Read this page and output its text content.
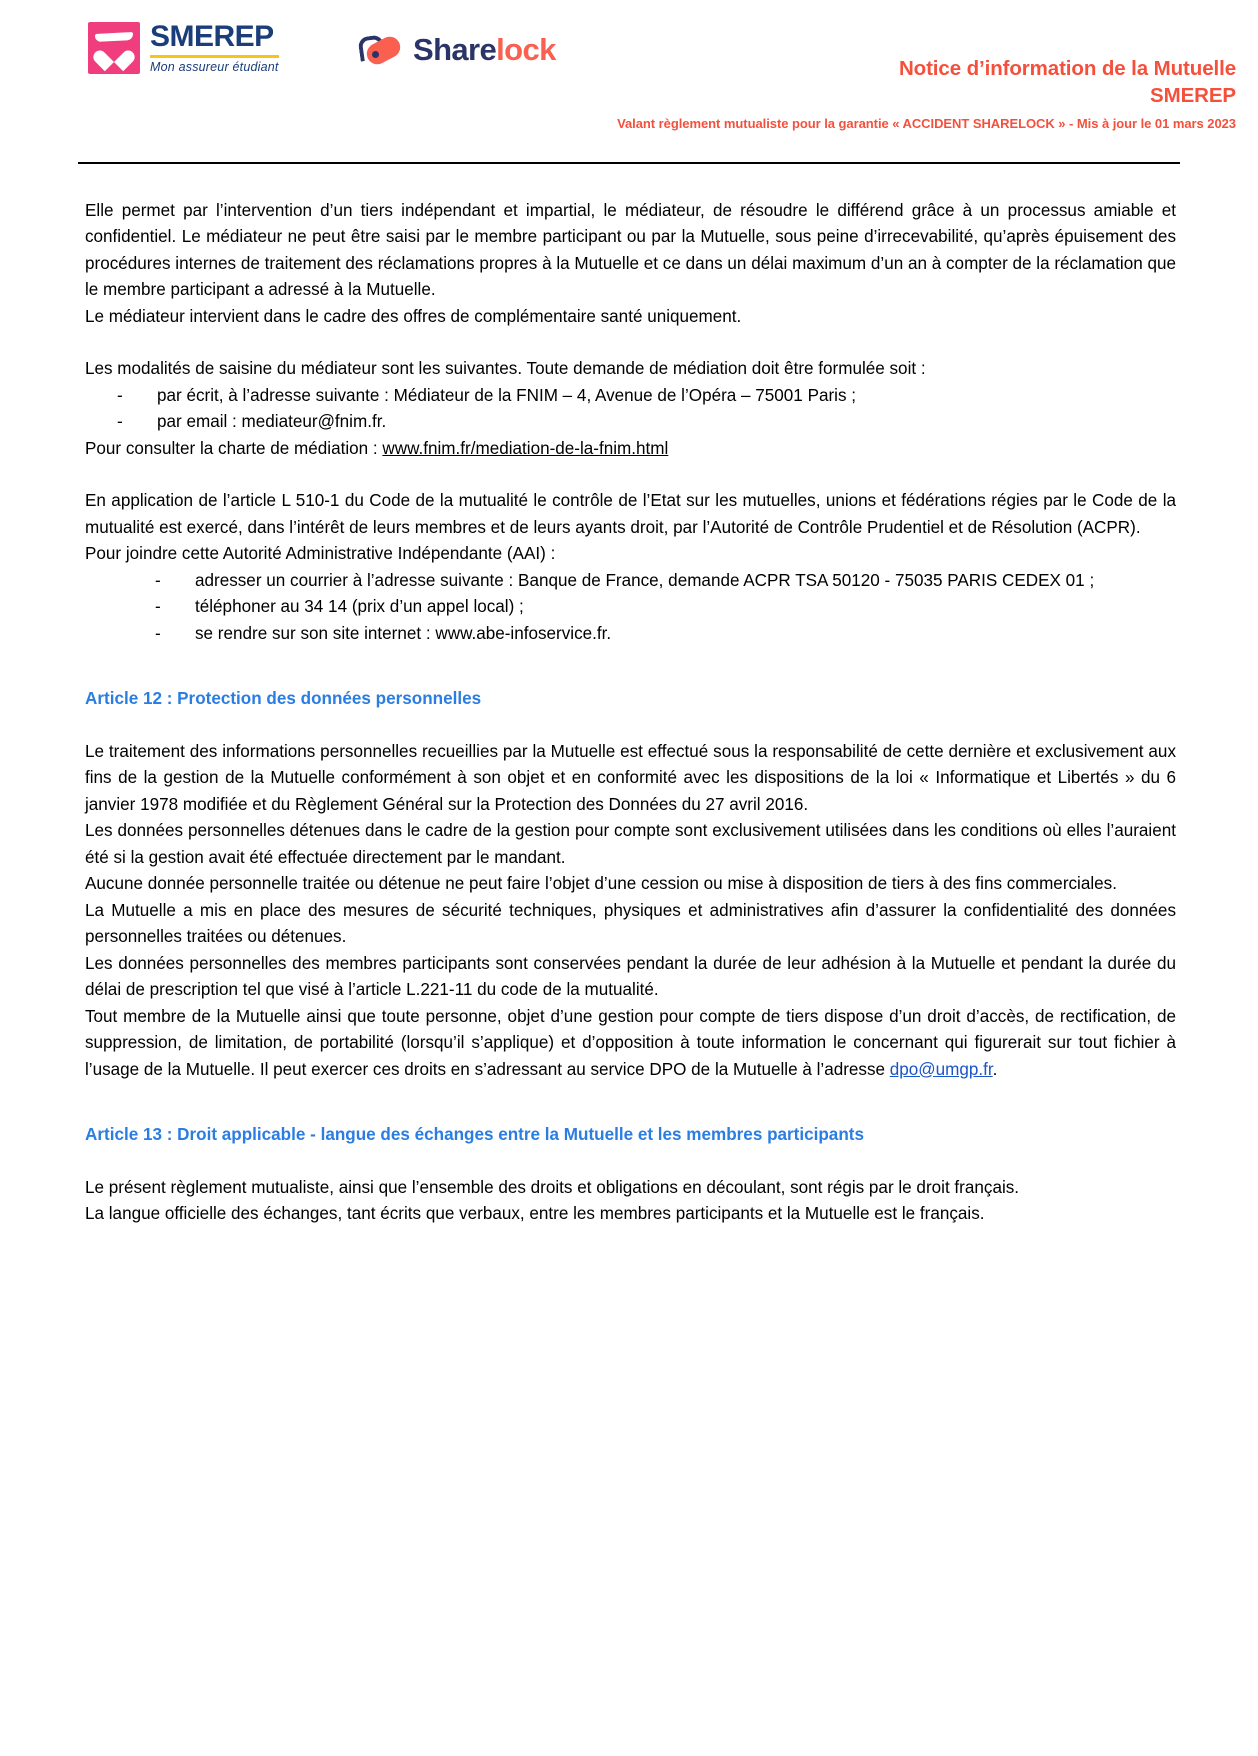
SMEREP
Mon assureur étudiant
Sharelock
Notice d’information de la Mutuelle
SMEREP
Valant règlement mutualiste pour la garantie « ACCIDENT SHARELOCK » - Mis à jour le 01 mars 2023

Elle permet par l’intervention d’un tiers indépendant et impartial, le médiateur, de résoudre le différend grâce à un processus amiable et confidentiel. Le médiateur ne peut être saisi par le membre participant ou par la Mutuelle, sous peine d’irrecevabilité, qu’après épuisement des procédures internes de traitement des réclamations propres à la Mutuelle et ce dans un délai maximum d’un an à compter de la réclamation que le membre participant a adressé à la Mutuelle.

Le médiateur intervient dans le cadre des offres de complémentaire santé uniquement.

Les modalités de saisine du médiateur sont les suivantes. Toute demande de médiation doit être formulée soit :

- par écrit, à l’adresse suivante : Médiateur de la FNIM – 4, Avenue de l’Opéra – 75001 Paris ;
- par email : mediateur@fnim.fr.

Pour consulter la charte de médiation : www.fnim.fr/mediation-de-la-fnim.html

En application de l’article L 510-1 du Code de la mutualité le contrôle de l’Etat sur les mutuelles, unions et fédérations régies par le Code de la mutualité est exercé, dans l’intérêt de leurs membres et de leurs ayants droit, par l’Autorité de Contrôle Prudentiel et de Résolution (ACPR).

Pour joindre cette Autorité Administrative Indépendante (AAI) :

- adresser un courrier à l’adresse suivante : Banque de France, demande ACPR TSA 50120 - 75035 PARIS CEDEX 01 ;
- téléphoner au 34 14 (prix d’un appel local) ;
- se rendre sur son site internet : www.abe-infoservice.fr.

Article 12 : Protection des données personnelles

Le traitement des informations personnelles recueillies par la Mutuelle est effectué sous la responsabilité de cette dernière et exclusivement aux fins de la gestion de la Mutuelle conformément à son objet et en conformité avec les dispositions de la loi « Informatique et Libertés » du 6 janvier 1978 modifiée et du Règlement Général sur la Protection des Données du 27 avril 2016.

Les données personnelles détenues dans le cadre de la gestion pour compte sont exclusivement utilisées dans les conditions où elles l’auraient été si la gestion avait été effectuée directement par le mandant.

Aucune donnée personnelle traitée ou détenue ne peut faire l’objet d’une cession ou mise à disposition de tiers à des fins commerciales.

La Mutuelle a mis en place des mesures de sécurité techniques, physiques et administratives afin d’assurer la confidentialité des données personnelles traitées ou détenues.

Les données personnelles des membres participants sont conservées pendant la durée de leur adhésion à la Mutuelle et pendant la durée du délai de prescription tel que visé à l’article L.221-11 du code de la mutualité.

Tout membre de la Mutuelle ainsi que toute personne, objet d’une gestion pour compte de tiers dispose d’un droit d’accès, de rectification, de suppression, de limitation, de portabilité (lorsqu’il s’applique) et d’opposition à toute information le concernant qui figurerait sur tout fichier à l’usage de la Mutuelle. Il peut exercer ces droits en s’adressant au service DPO de la Mutuelle à l’adresse dpo@umgp.fr.

Article 13 : Droit applicable - langue des échanges entre la Mutuelle et les membres participants

Le présent règlement mutualiste, ainsi que l’ensemble des droits et obligations en découlant, sont régis par le droit français.

La langue officielle des échanges, tant écrits que verbaux, entre les membres participants et la Mutuelle est le français.
